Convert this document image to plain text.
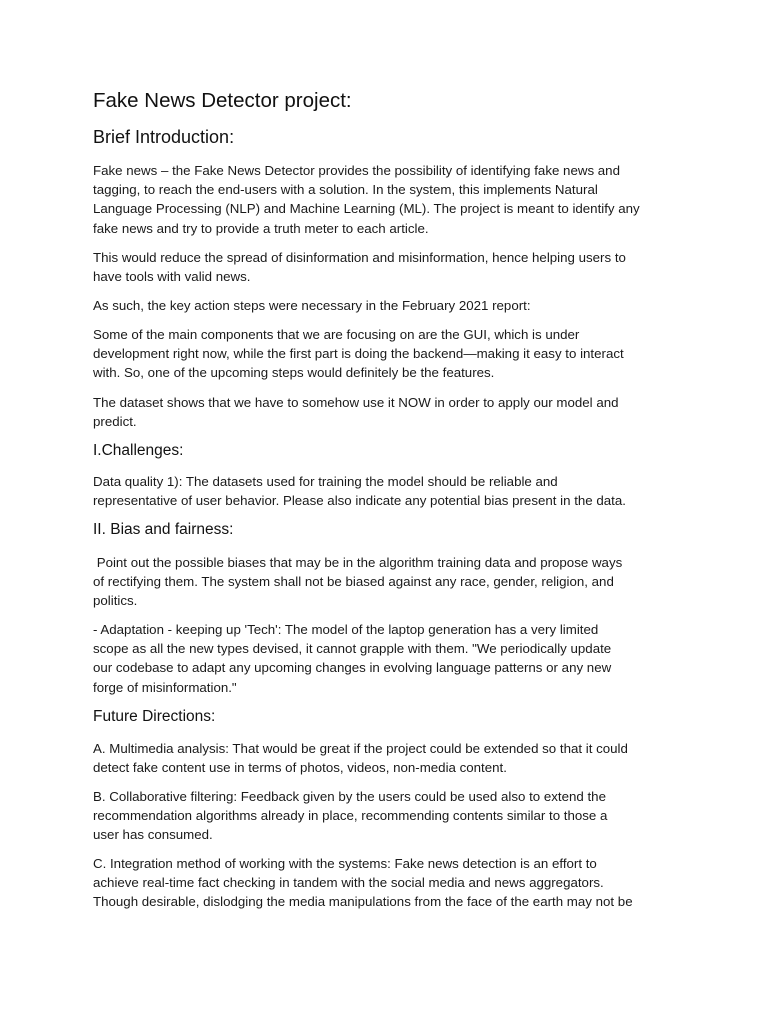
Fake News Detector project:
Brief Introduction:
Fake news – the Fake News Detector provides the possibility of identifying fake news and
tagging, to reach the end-users with a solution. In the system, this implements Natural
Language Processing (NLP) and Machine Learning (ML). The project is meant to identify any
fake news and try to provide a truth meter to each article.
This would reduce the spread of disinformation and misinformation, hence helping users to
have tools with valid news.
As such, the key action steps were necessary in the February 2021 report:
Some of the main components that we are focusing on are the GUI, which is under
development right now, while the first part is doing the backend—making it easy to interact
with. So, one of the upcoming steps would definitely be the features.
The dataset shows that we have to somehow use it NOW in order to apply our model and
predict.
I.Challenges:
Data quality 1): The datasets used for training the model should be reliable and
representative of user behavior. Please also indicate any potential bias present in the data.
II. Bias and fairness:
Point out the possible biases that may be in the algorithm training data and propose ways
of rectifying them. The system shall not be biased against any race, gender, religion, and
politics.
- Adaptation - keeping up 'Tech': The model of the laptop generation has a very limited
scope as all the new types devised, it cannot grapple with them. "We periodically update
our codebase to adapt any upcoming changes in evolving language patterns or any new
forge of misinformation."
Future Directions:
A. Multimedia analysis: That would be great if the project could be extended so that it could
detect fake content use in terms of photos, videos, non-media content.
B. Collaborative filtering: Feedback given by the users could be used also to extend the
recommendation algorithms already in place, recommending contents similar to those a
user has consumed.
C. Integration method of working with the systems: Fake news detection is an effort to
achieve real-time fact checking in tandem with the social media and news aggregators.
Though desirable, dislodging the media manipulations from the face of the earth may not be
